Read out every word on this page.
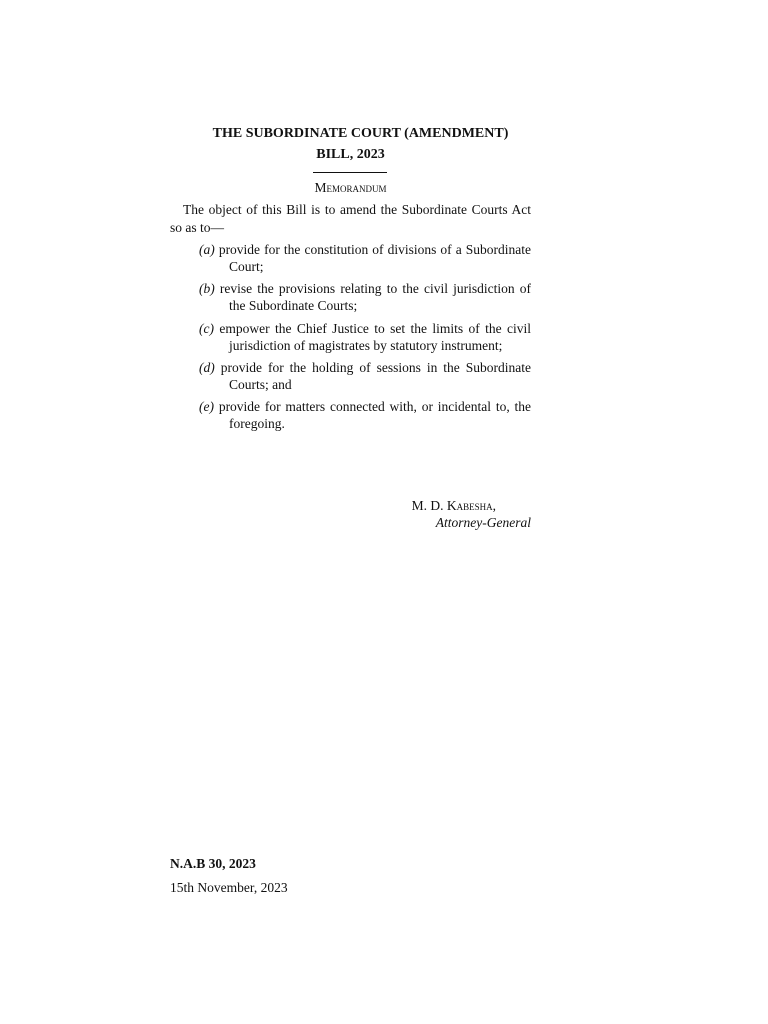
THE SUBORDINATE COURT (AMENDMENT)
BILL, 2023
Memorandum

The object of this Bill is to amend the Subordinate Courts Act so as to—

(a) provide for the constitution of divisions of a Subordinate Court;

(b) revise the provisions relating to the civil jurisdiction of the Subordinate Courts;

(c) empower the Chief Justice to set the limits of the civil jurisdiction of magistrates by statutory instrument;

(d) provide for the holding of sessions in the Subordinate Courts; and

(e) provide for matters connected with, or incidental to, the foregoing.

M. D. Kabesha,
Attorney-General
N.A.B 30, 2023
15th November, 2023
